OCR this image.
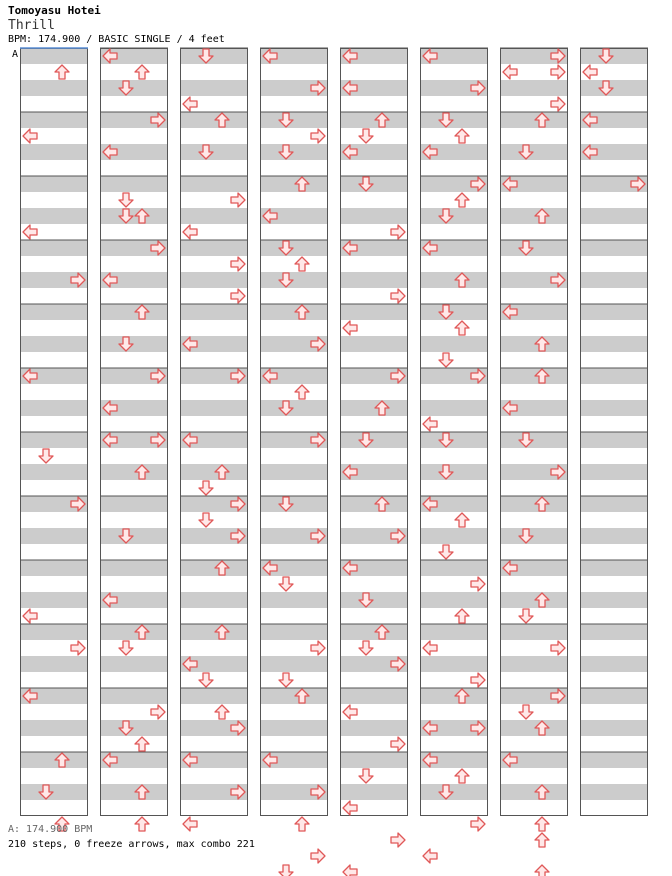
Tomoyasu Hotei
Thrill
BPM: 174.900 / BASIC SINGLE / 4 feet
A
A: 174.900 BPM
210 steps, 0 freeze arrows, max combo 221
